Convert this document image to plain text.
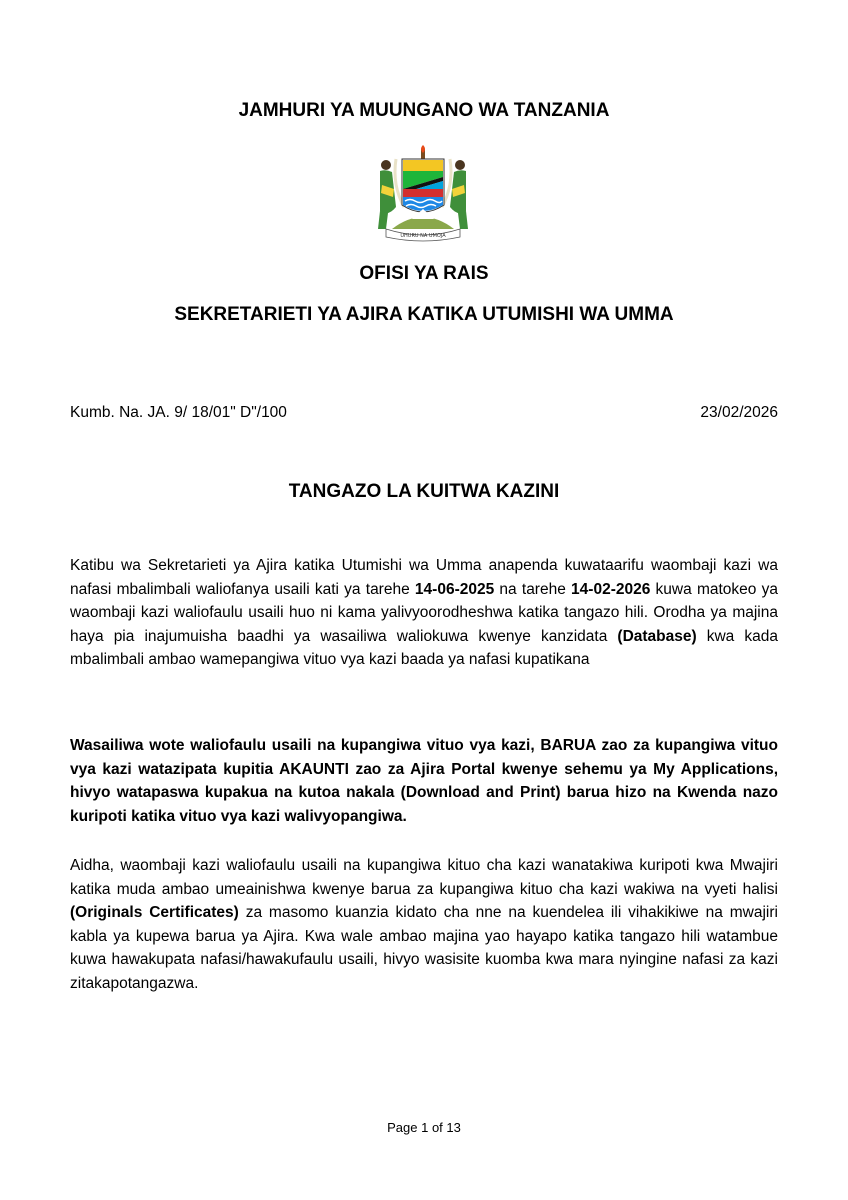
JAMHURI YA MUUNGANO WA TANZANIA
UHURU NA UMOJA
OFISI YA RAIS
SEKRETARIETI YA AJIRA KATIKA UTUMISHI WA UMMA
Kumb. Na. JA. 9/ 18/01" D"/100	23/02/2026
TANGAZO LA KUITWA KAZINI
Katibu wa Sekretarieti ya Ajira katika Utumishi wa Umma anapenda kuwataarifu waombaji kazi wa nafasi mbalimbali waliofanya usaili kati ya tarehe 14-06-2025 na tarehe 14-02-2026 kuwa matokeo ya waombaji kazi waliofaulu usaili huo ni kama yalivyoorodheshwa katika tangazo hili. Orodha ya majina haya pia inajumuisha baadhi ya wasailiwa waliokuwa kwenye kanzidata (Database) kwa kada mbalimbali ambao wamepangiwa vituo vya kazi baada ya nafasi kupatikana
Wasailiwa wote waliofaulu usaili na kupangiwa vituo vya kazi, BARUA zao za kupangiwa vituo vya kazi watazipata kupitia AKAUNTI zao za Ajira Portal kwenye sehemu ya My Applications, hivyo watapaswa kupakua na kutoa nakala (Download and Print) barua hizo na Kwenda nazo kuripoti katika vituo vya kazi walivyopangiwa.
Aidha, waombaji kazi waliofaulu usaili na kupangiwa kituo cha kazi wanatakiwa kuripoti kwa Mwajiri katika muda ambao umeainishwa kwenye barua za kupangiwa kituo cha kazi wakiwa na vyeti halisi (Originals Certificates) za masomo kuanzia kidato cha nne na kuendelea ili vihakikiwe na mwajiri kabla ya kupewa barua ya Ajira. Kwa wale ambao majina yao hayapo katika tangazo hili watambue kuwa hawakupata nafasi/hawakufaulu usaili, hivyo wasisite kuomba kwa mara nyingine nafasi za kazi zitakapotangazwa.
Page 1 of 13
